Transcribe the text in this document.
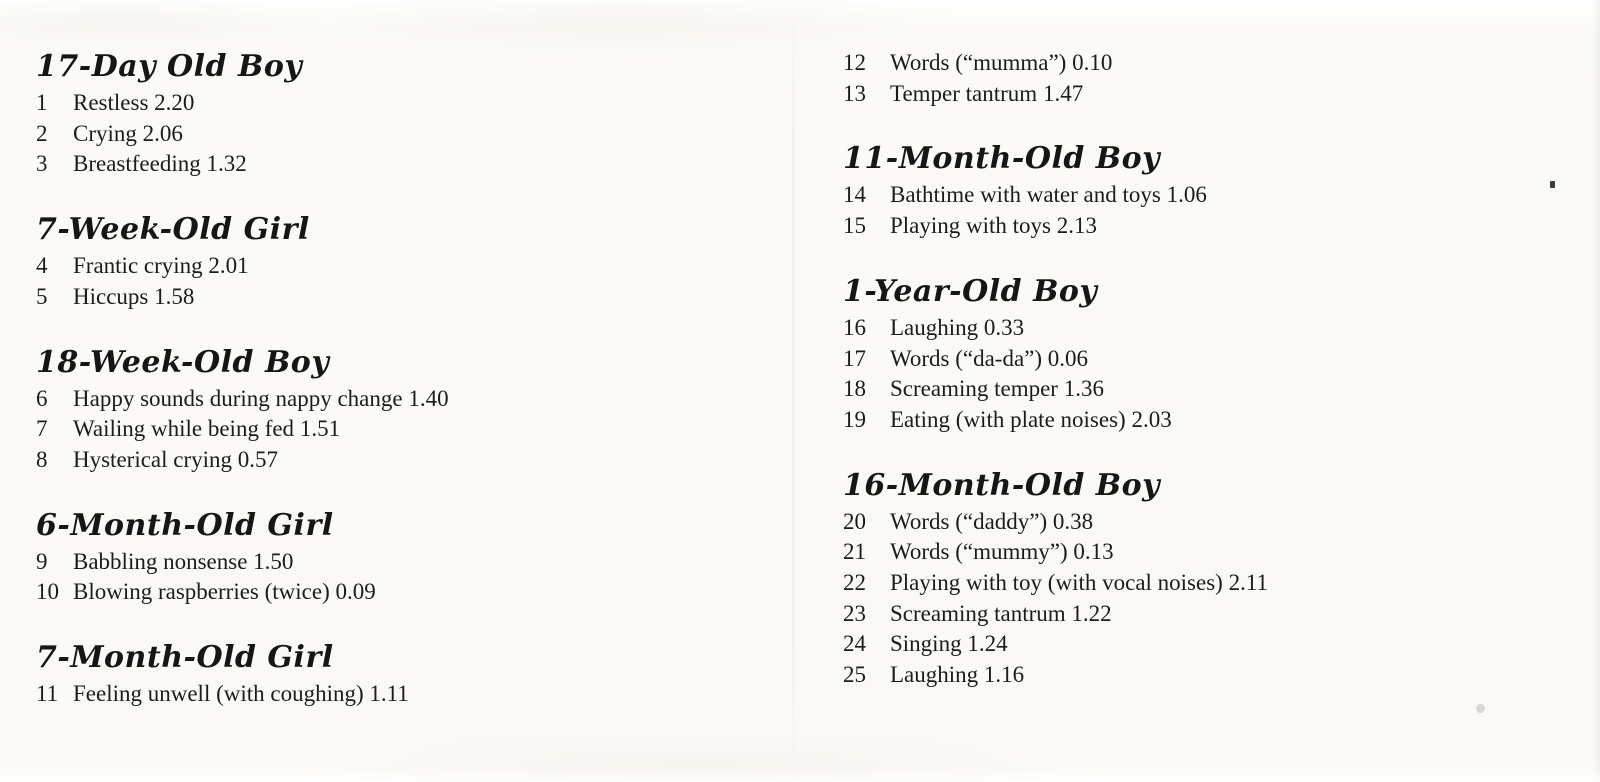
17-Day Old Boy
1 Restless 2.20
2 Crying 2.06
3 Breastfeeding 1.32
7-Week-Old Girl
4 Frantic crying 2.01
5 Hiccups 1.58
18-Week-Old Boy
6 Happy sounds during nappy change 1.40
7 Wailing while being fed 1.51
8 Hysterical crying 0.57
6-Month-Old Girl
9 Babbling nonsense 1.50
10 Blowing raspberries (twice) 0.09
7-Month-Old Girl
11 Feeling unwell (with coughing) 1.11
12 Words (“mumma”) 0.10
13 Temper tantrum 1.47
11-Month-Old Boy
14 Bathtime with water and toys 1.06
15 Playing with toys 2.13
1-Year-Old Boy
16 Laughing 0.33
17 Words (“da-da”) 0.06
18 Screaming temper 1.36
19 Eating (with plate noises) 2.03
16-Month-Old Boy
20 Words (“daddy”) 0.38
21 Words (“mummy”) 0.13
22 Playing with toy (with vocal noises) 2.11
23 Screaming tantrum 1.22
24 Singing 1.24
25 Laughing 1.16
